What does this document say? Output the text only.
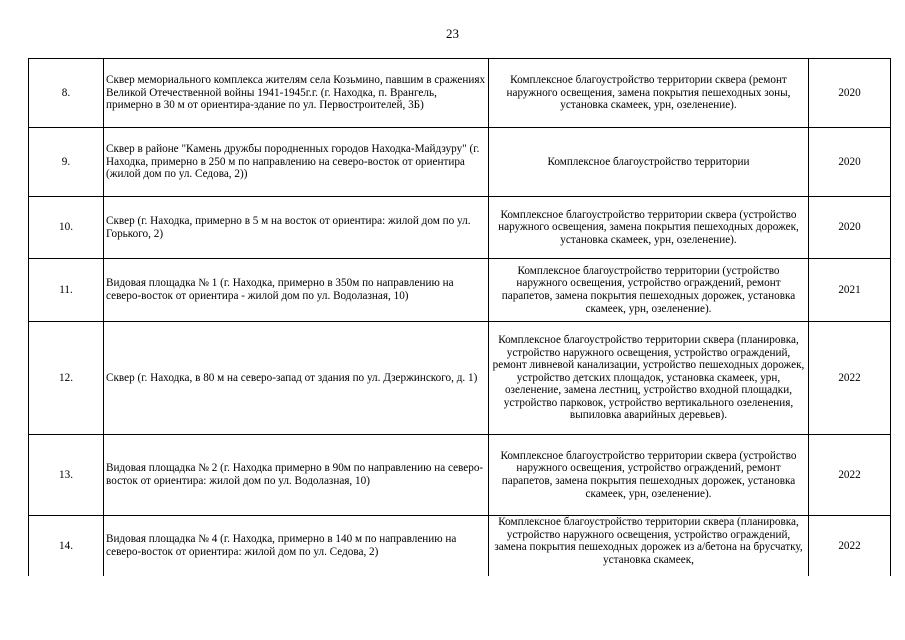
23
8.	Сквер мемориального комплекса жителям села Козьмино, павшим в сражениях Великой Отечественной войны 1941-1945г.г. (г. Находка, п. Врангель, примерно в 30 м от ориентира-здание по ул. Первостроителей, 3Б)	Комплексное благоустройство территории сквера (ремонт наружного освещения, замена покрытия пешеходных зоны, установка скамеек, урн, озеленение).	2020
9.	Сквер в районе "Камень дружбы породненных городов Находка-Майдзуру" (г. Находка, примерно в 250 м по направлению на северо-восток от ориентира (жилой дом по ул. Седова, 2))	Комплексное благоустройство территории	2020
10.	Сквер (г. Находка, примерно в 5 м на восток от ориентира: жилой дом по ул. Горького, 2)	Комплексное благоустройство территории сквера (устройство наружного освещения, замена покрытия пешеходных дорожек, установка скамеек, урн, озеленение).	2020
11.	Видовая площадка № 1 (г. Находка, примерно в 350м по направлению на северо-восток от ориентира - жилой дом по ул. Водолазная, 10)	Комплексное благоустройство территории (устройство наружного освещения, устройство ограждений, ремонт парапетов, замена покрытия пешеходных дорожек, установка скамеек, урн, озеленение).	2021
12.	Сквер (г. Находка, в 80 м на северо-запад от здания по ул. Дзержинского, д. 1)	Комплексное благоустройство территории сквера (планировка, устройство наружного освещения, устройство ограждений, ремонт ливневой канализации, устройство пешеходных дорожек, устройство детских площадок, установка скамеек, урн, озеленение, замена лестниц, устройство входной площадки, устройство парковок, устройство вертикального озеленения, выпиловка аварийных деревьев).	2022
13.	Видовая площадка № 2 (г. Находка примерно в 90м по направлению на северо-восток от ориентира: жилой дом по ул. Водолазная, 10)	Комплексное благоустройство территории сквера (устройство наружного освещения, устройство ограждений, ремонт парапетов, замена покрытия пешеходных дорожек, установка скамеек, урн, озеленение).	2022
14.	Видовая площадка № 4 (г. Находка, примерно в 140 м по направлению на северо-восток от ориентира: жилой дом по ул. Седова, 2)	Комплексное благоустройство территории сквера (планировка, устройство наружного освещения, устройство ограждений, замена покрытия пешеходных дорожек из а/бетона на брусчатку, установка скамеек,	2022
